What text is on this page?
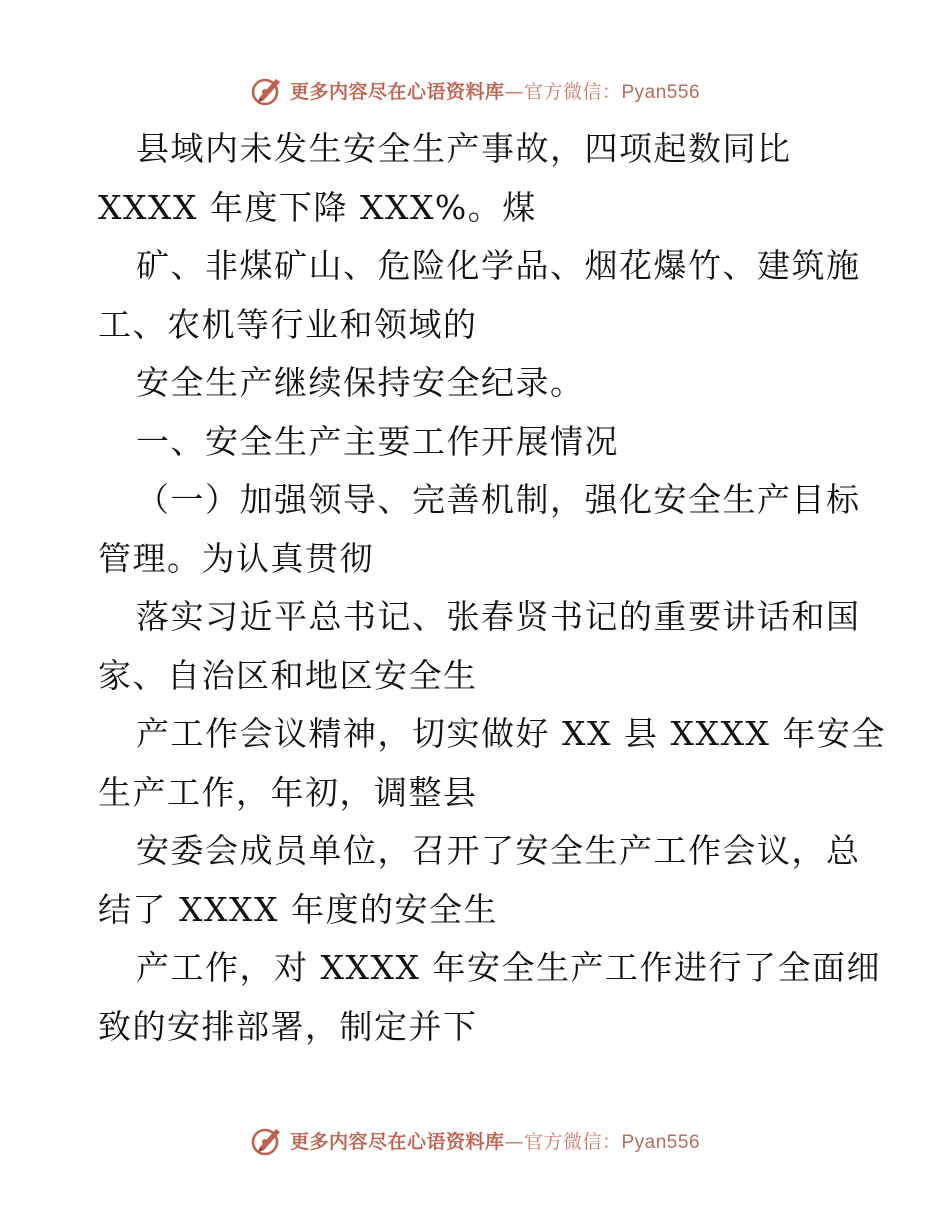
更多内容尽在心语资料库—官方微信：Pyan556
县域内未发生安全生产事故，四项起数同比
XXXX 年度下降 XXX%。煤
矿、非煤矿山、危险化学品、烟花爆竹、建筑施
工、农机等行业和领域的
安全生产继续保持安全纪录。
一、安全生产主要工作开展情况
（一）加强领导、完善机制，强化安全生产目标
管理。为认真贯彻
落实习近平总书记、张春贤书记的重要讲话和国
家、自治区和地区安全生
产工作会议精神，切实做好 XX 县 XXXX 年安全
生产工作，年初，调整县
安委会成员单位，召开了安全生产工作会议，总
结了 XXXX 年度的安全生
产工作，对 XXXX 年安全生产工作进行了全面细
致的安排部署，制定并下
更多内容尽在心语资料库—官方微信：Pyan556
